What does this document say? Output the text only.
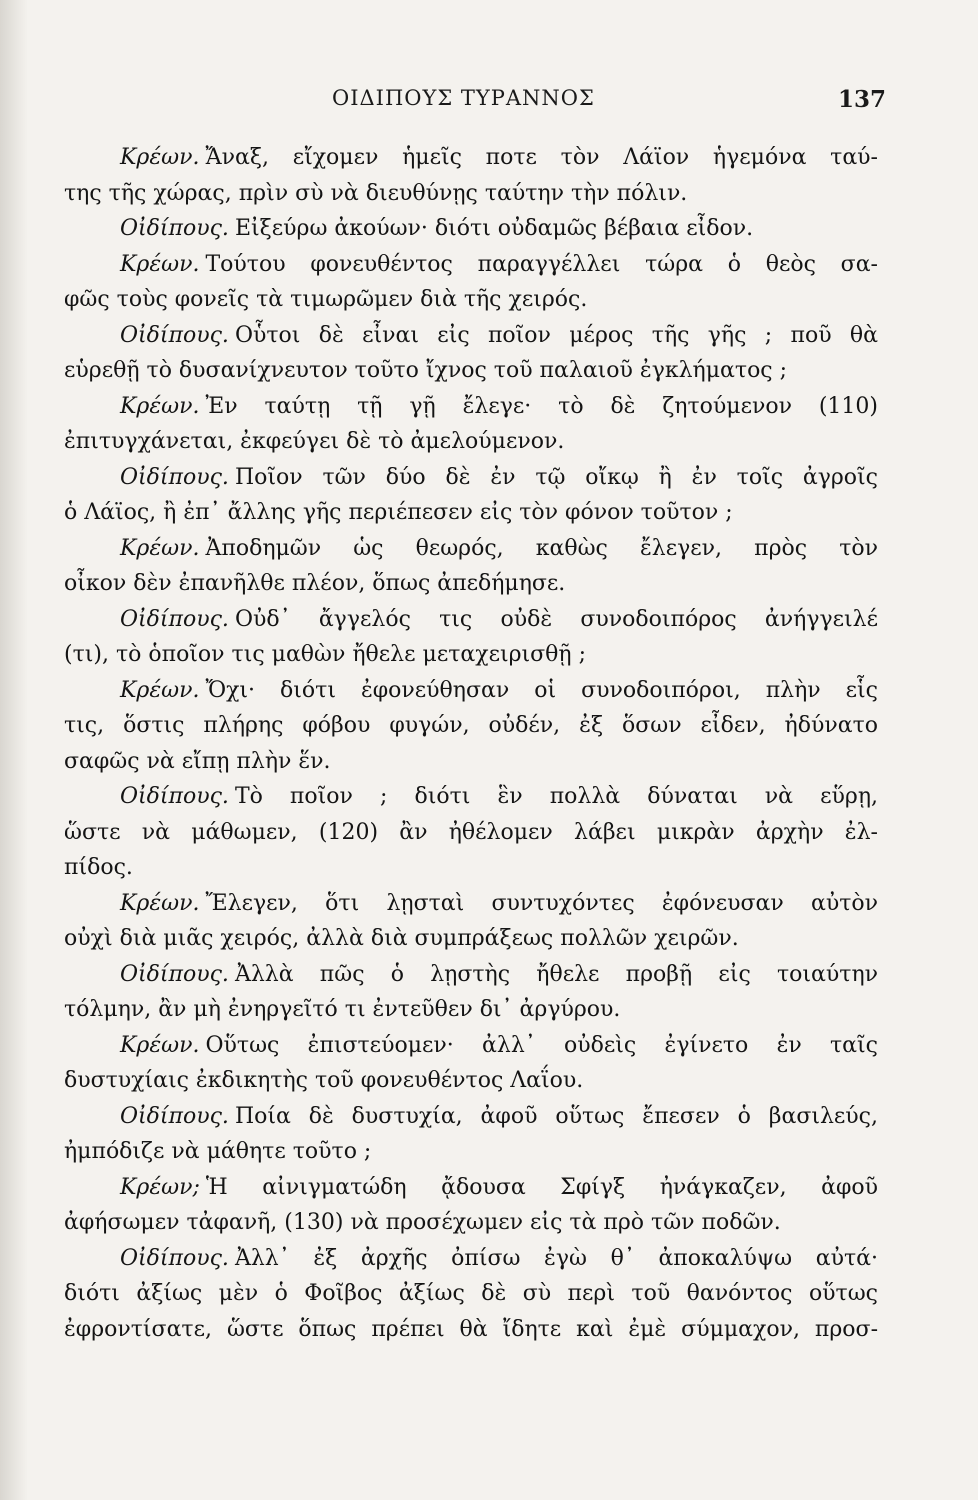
ΟΙΔΙΠΟΥΣ ΤΥΡΑΝΝΟΣ	137
Κρέων. Ἄναξ, εἴχομεν ἡμεῖς ποτε τὸν Λάϊον ἡγεμόνα ταύ-
της τῆς χώρας, πρὶν σὺ νὰ διευθύνῃς ταύτην τὴν πόλιν.
Οἰδίπους. Εἰξεύρω ἀκούων· διότι οὐδαμῶς βέβαια εἶδον.
Κρέων. Τούτου φονευθέντος παραγγέλλει τώρα ὁ θεὸς σα-
φῶς τοὺς φονεῖς τὰ τιμωρῶμεν διὰ τῆς χειρός.
Οἰδίπους. Οὗτοι δὲ εἶναι εἰς ποῖον μέρος τῆς γῆς ; ποῦ θὰ
εὑρεθῇ τὸ δυσανίχνευτον τοῦτο ἴχνος τοῦ παλαιοῦ ἐγκλήματος ;
Κρέων. Ἐν ταύτῃ τῇ γῇ ἔλεγε· τὸ δὲ ζητούμενον (110)
ἐπιτυγχάνεται, ἐκφεύγει δὲ τὸ ἀμελούμενον.
Οἰδίπους. Ποῖον τῶν δύο δὲ ἐν τῷ οἴκῳ ἢ ἐν τοῖς ἀγροῖς
ὁ Λάϊος, ἢ ἐπ᾽ ἄλλης γῆς περιέπεσεν εἰς τὸν φόνον τοῦτον ;
Κρέων. Ἀποδημῶν ὡς θεωρός, καθὼς ἔλεγεν, πρὸς τὸν
οἶκον δὲν ἐπανῆλθε πλέον, ὅπως ἀπεδήμησε.
Οἰδίπους. Οὐδ᾽ ἄγγελός τις οὐδὲ συνοδοιπόρος ἀνήγγειλέ
(τι), τὸ ὁποῖον τις μαθὼν ἤθελε μεταχειρισθῇ ;
Κρέων. Ὄχι· διότι ἐφονεύθησαν οἱ συνοδοιπόροι, πλὴν εἷς
τις, ὅστις πλήρης φόβου φυγών, οὐδέν, ἐξ ὅσων εἶδεν, ἠδύνατο
σαφῶς νὰ εἴπῃ πλὴν ἕν.
Οἰδίπους. Τὸ ποῖον ; διότι ἓν πολλὰ δύναται νὰ εὕρῃ,
ὥστε νὰ μάθωμεν, (120) ἂν ἠθέλομεν λάβει μικρὰν ἀρχὴν ἐλ-
πίδος.
Κρέων. Ἔλεγεν, ὅτι λῃσταὶ συντυχόντες ἐφόνευσαν αὐτὸν
οὐχὶ διὰ μιᾶς χειρός, ἀλλὰ διὰ συμπράξεως πολλῶν χειρῶν.
Οἰδίπους. Ἀλλὰ πῶς ὁ λῃστὴς ἤθελε προβῇ εἰς τοιαύτην
τόλμην, ἂν μὴ ἐνηργεῖτό τι ἐντεῦθεν δι᾽ ἀργύρου.
Κρέων. Οὕτως ἐπιστεύομεν· ἀλλ᾽ οὐδεὶς ἐγίνετο ἐν ταῖς
δυστυχίαις ἐκδικητὴς τοῦ φονευθέντος Λαΐου.
Οἰδίπους. Ποία δὲ δυστυχία, ἀφοῦ οὕτως ἔπεσεν ὁ βασιλεύς,
ἠμπόδιζε νὰ μάθητε τοῦτο ;
Κρέων; Ἡ αἰνιγματώδη ᾄδουσα Σφίγξ ἠνάγκαζεν, ἀφοῦ
ἀφήσωμεν τἀφανῆ, (130) νὰ προσέχωμεν εἰς τὰ πρὸ τῶν ποδῶν.
Οἰδίπους. Ἀλλ᾽ ἐξ ἀρχῆς ὀπίσω ἐγὼ θ᾽ ἀποκαλύψω αὐτά·
διότι ἀξίως μὲν ὁ Φοῖβος ἀξίως δὲ σὺ περὶ τοῦ θανόντος οὕτως
ἐφροντίσατε, ὥστε ὅπως πρέπει θὰ ἴδητε καὶ ἐμὲ σύμμαχον, προσ-
